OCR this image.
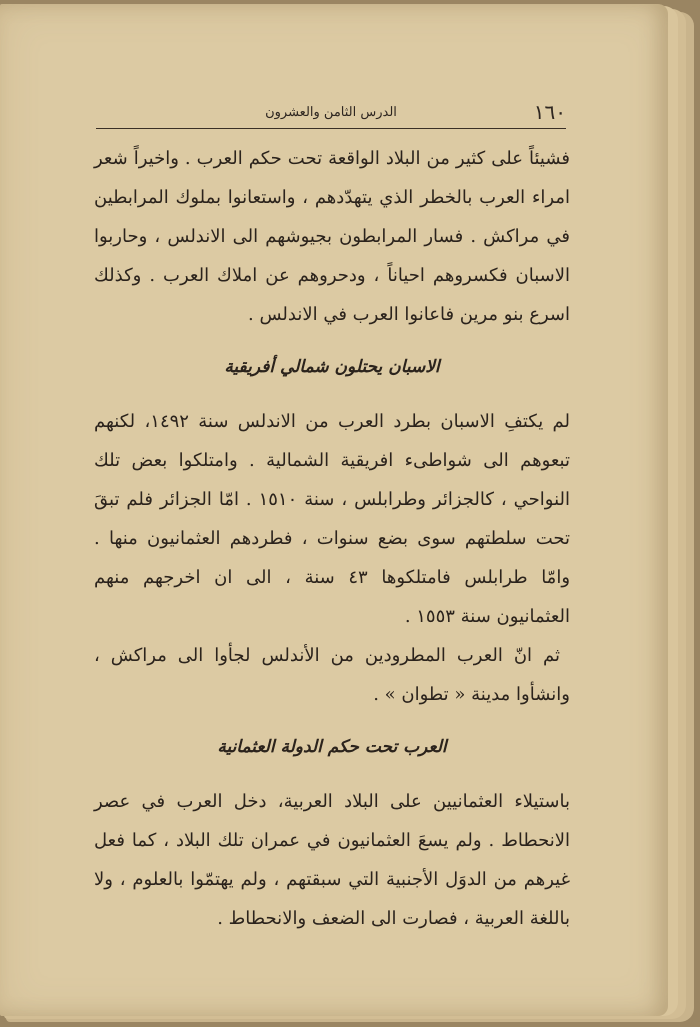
١٦٠
الدرس الثامن والعشرون

فشيئاً على كثير من البلاد الواقعة تحت حكم العرب . واخيراً شعر امراء العرب بالخطر الذي يتهدّدهم ، واستعانوا بملوك المرابطين في مراكش . فسار المرابطون بجيوشهم الى الاندلس ، وحاربوا الاسبان فكسروهم احياناً ، ودحروهم عن املاك العرب . وكذلك اسرع بنو مرين فاعانوا العرب في الاندلس .

الاسبان يحتلون شمالي أفريقية

لم يكتفِ الاسبان بطرد العرب من الاندلس سنة ١٤٩٢، لكنهم تبعوهم الى شواطىء افريقية الشمالية . وامتلكوا بعض تلك النواحي ، كالجزائر وطرابلس ، سنة ١٥١٠ . امّا الجزائر فلم تبقَ تحت سلطتهم سوى بضع سنوات ، فطردهم العثمانيون منها . وامّا طرابلس فامتلكوها ٤٣ سنة ، الى ان اخرجهم منهم العثمانيون سنة ١٥٥٣ .

ثم انّ العرب المطرودين من الأندلس لجأوا الى مراكش ، وانشأوا مدينة « تطوان » .

العرب تحت حكم الدولة العثمانية

باستيلاء العثمانيين على البلاد العربية، دخل العرب في عصر الانحطاط . ولم يسعَ العثمانيون في عمران تلك البلاد ، كما فعل غيرهم من الدوَل الأجنبية التي سبقتهم ، ولم يهتمّوا بالعلوم ، ولا باللغة العربية ، فصارت الى الضعف والانحطاط .
